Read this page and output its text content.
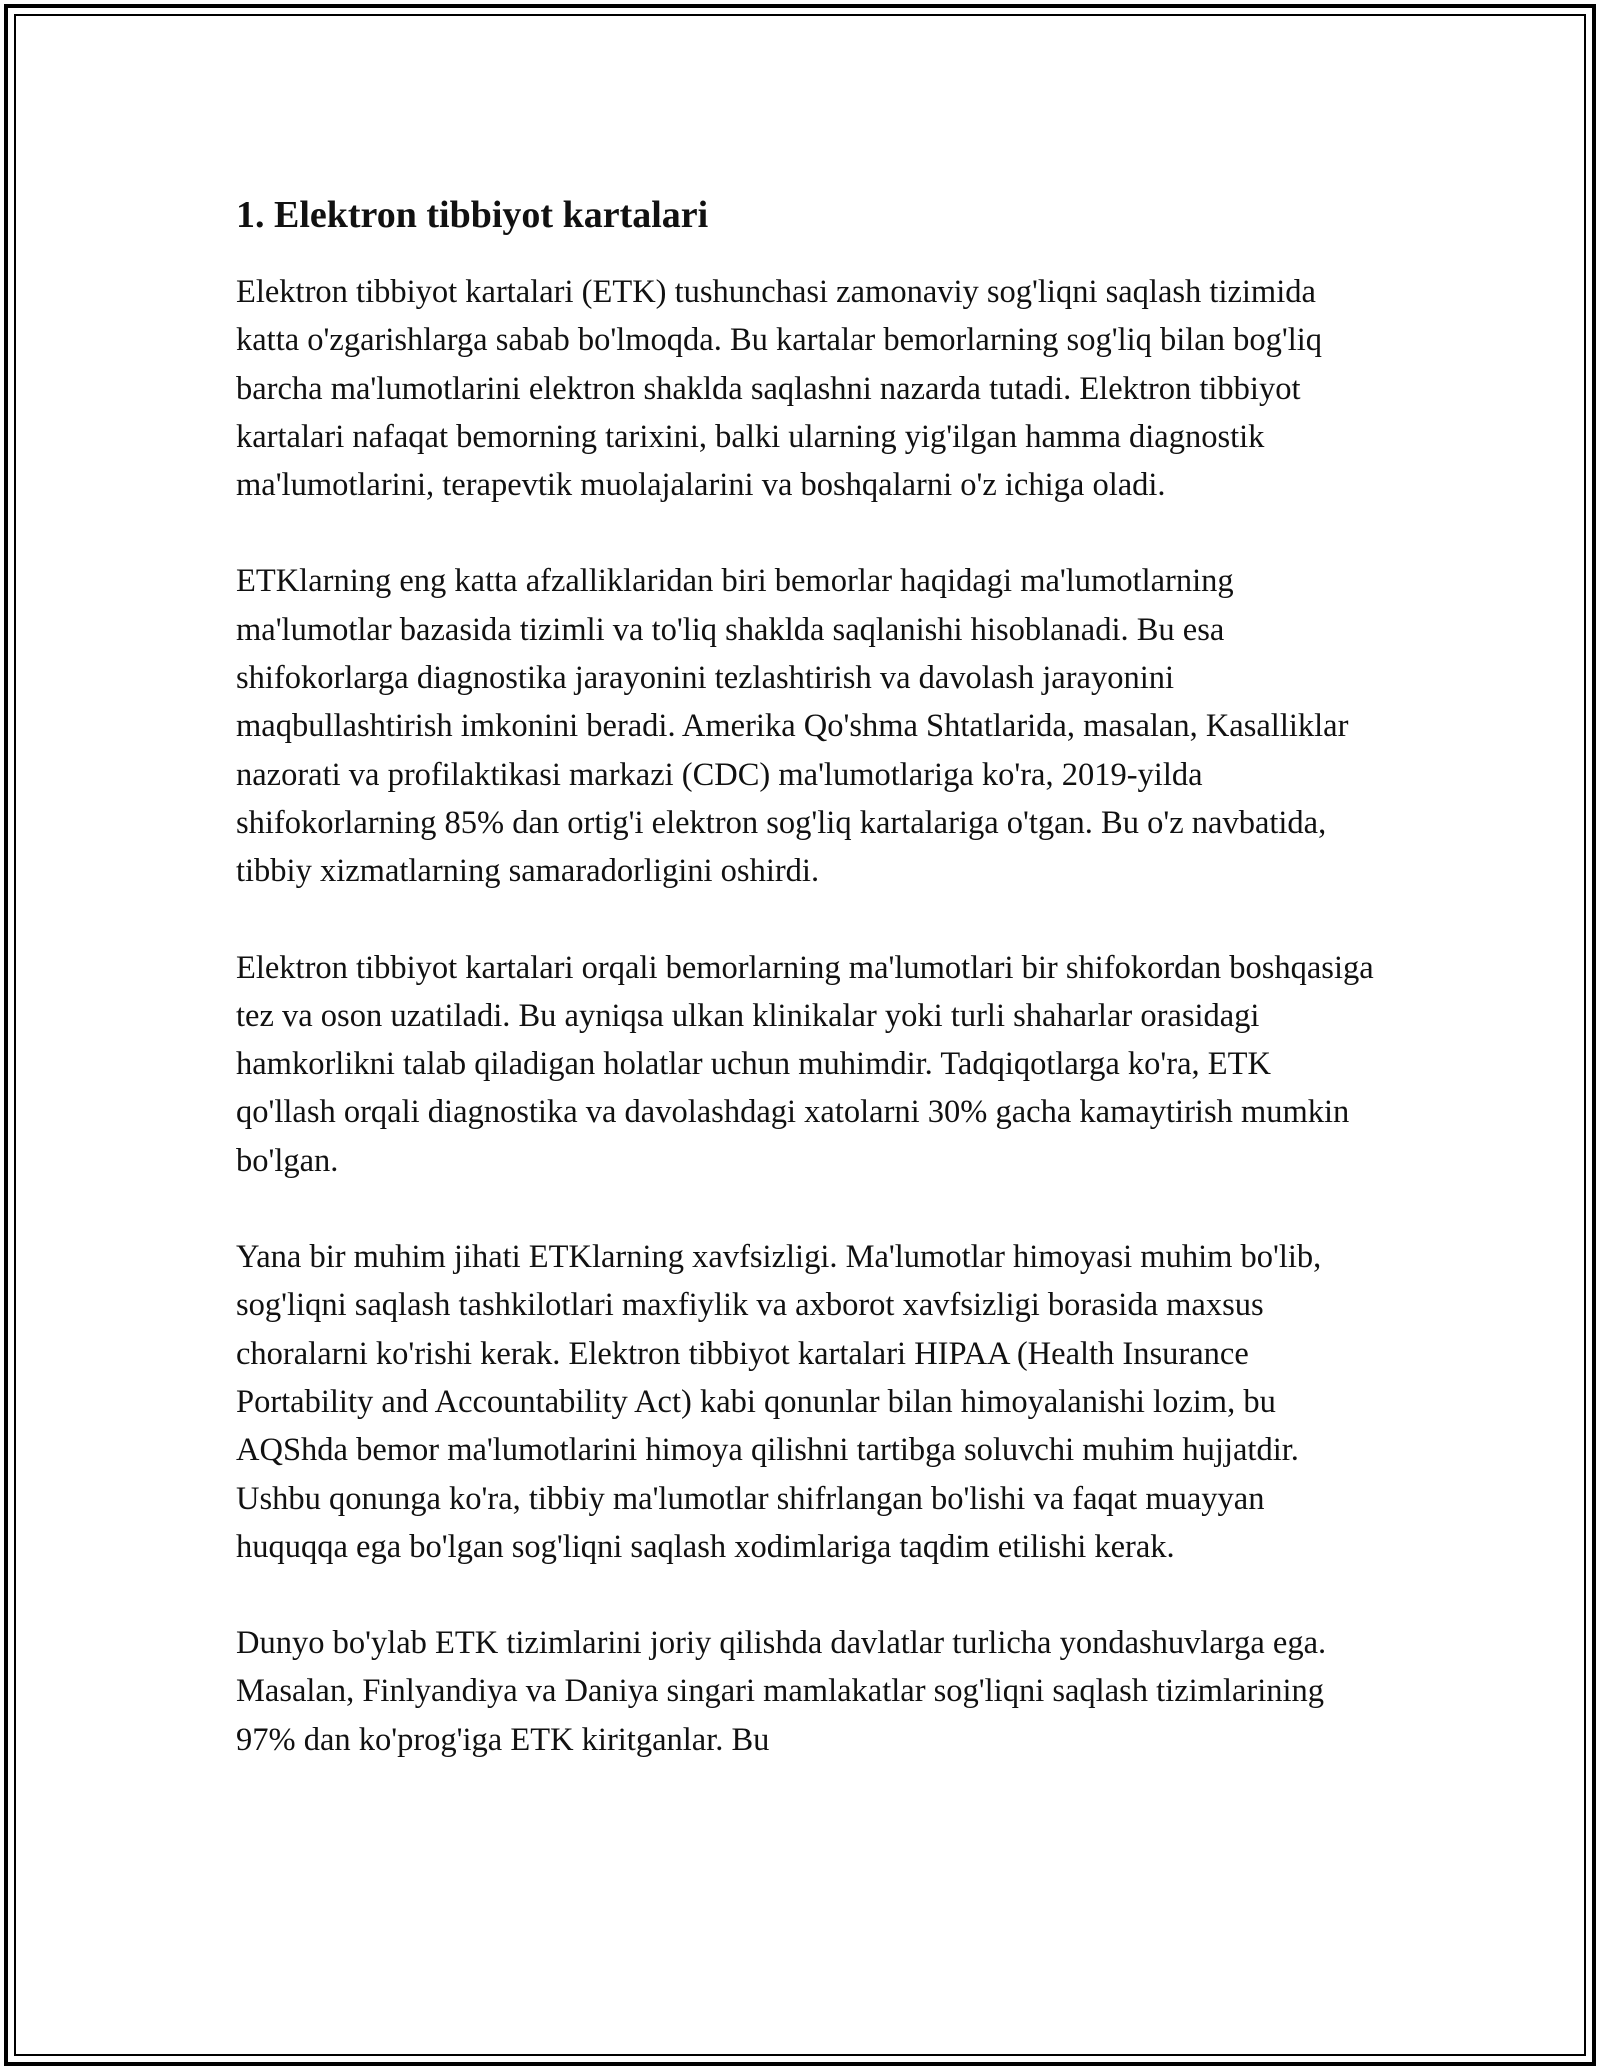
1. Elektron tibbiyot kartalari

Elektron tibbiyot kartalari (ETK) tushunchasi zamonaviy sog'liqni saqlash tizimida katta o'zgarishlarga sabab bo'lmoqda. Bu kartalar bemorlarning sog'liq bilan bog'liq barcha ma'lumotlarini elektron shaklda saqlashni nazarda tutadi. Elektron tibbiyot kartalari nafaqat bemorning tarixini, balki ularning yig'ilgan hamma diagnostik ma'lumotlarini, terapevtik muolajalarini va boshqalarni o'z ichiga oladi.

ETKlarning eng katta afzalliklaridan biri bemorlar haqidagi ma'lumotlarning ma'lumotlar bazasida tizimli va to'liq shaklda saqlanishi hisoblanadi. Bu esa shifokorlarga diagnostika jarayonini tezlashtirish va davolash jarayonini maqbullashtirish imkonini beradi. Amerika Qo'shma Shtatlarida, masalan, Kasalliklar nazorati va profilaktikasi markazi (CDC) ma'lumotlariga ko'ra, 2019-yilda shifokorlarning 85% dan ortig'i elektron sog'liq kartalariga o'tgan. Bu o'z navbatida, tibbiy xizmatlarning samaradorligini oshirdi.

Elektron tibbiyot kartalari orqali bemorlarning ma'lumotlari bir shifokordan boshqasiga tez va oson uzatiladi. Bu ayniqsa ulkan klinikalar yoki turli shaharlar orasidagi hamkorlikni talab qiladigan holatlar uchun muhimdir. Tadqiqotlarga ko'ra, ETK qo'llash orqali diagnostika va davolashdagi xatolarni 30% gacha kamaytirish mumkin bo'lgan.

Yana bir muhim jihati ETKlarning xavfsizligi. Ma'lumotlar himoyasi muhim bo'lib, sog'liqni saqlash tashkilotlari maxfiylik va axborot xavfsizligi borasida maxsus choralarni ko'rishi kerak. Elektron tibbiyot kartalari HIPAA (Health Insurance Portability and Accountability Act) kabi qonunlar bilan himoyalanishi lozim, bu AQShda bemor ma'lumotlarini himoya qilishni tartibga soluvchi muhim hujjatdir. Ushbu qonunga ko'ra, tibbiy ma'lumotlar shifrlangan bo'lishi va faqat muayyan huquqqa ega bo'lgan sog'liqni saqlash xodimlariga taqdim etilishi kerak.

Dunyo bo'ylab ETK tizimlarini joriy qilishda davlatlar turlicha yondashuvlarga ega. Masalan, Finlyandiya va Daniya singari mamlakatlar sog'liqni saqlash tizimlarining 97% dan ko'prog'iga ETK kiritganlar. Bu
